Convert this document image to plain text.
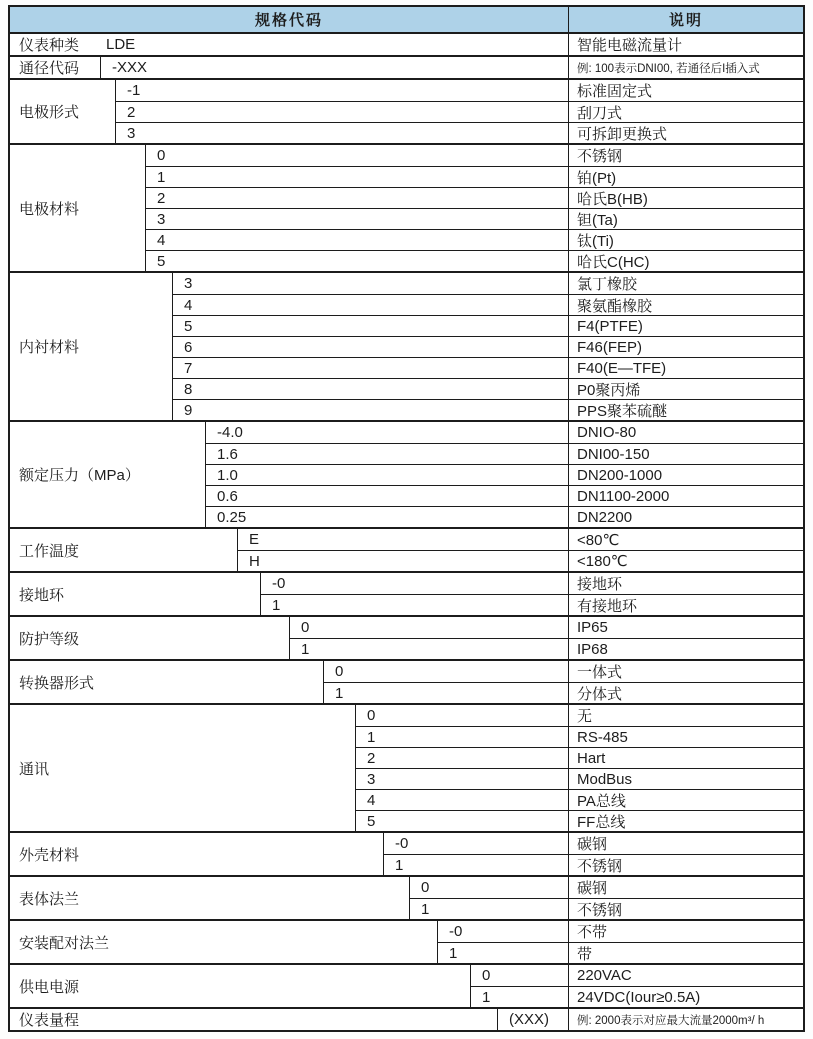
规格代码	说明
仪表种类	LDE	智能电磁流量计
通径代码	-XXX	例: 100表示DNI00, 若通径后I插入式
电极形式
-1	标准固定式
2	刮刀式
3	可拆卸更换式
电极材料
0	不锈钢
1	铂(Pt)
2	哈氏B(HB)
3	钽(Ta)
4	钛(Ti)
5	哈氏C(HC)
内衬材料
3	氯丁橡胶
4	聚氨酯橡胶
5	F4(PTFE)
6	F46(FEP)
7	F40(E—TFE)
8	P0聚丙烯
9	PPS聚苯硫醚
额定压力（MPa）
-4.0	DNIO-80
1.6	DNI00-150
1.0	DN200-1000
0.6	DN1100-2000
0.25	DN2200
工作温度
E	<80℃
H	<180℃
接地环
-0	接地环
1	有接地环
防护等级
0	IP65
1	IP68
转换器形式
0	一体式
1	分体式
通讯
0	无
1	RS-485
2	Hart
3	ModBus
4	PA总线
5	FF总线
外壳材料
-0	碳钢
1	不锈钢
表体法兰
0	碳钢
1	不锈钢
安装配对法兰
-0	不带
1	带
供电电源
0	220VAC
1	24VDC(Iour≥0.5A)
仪表量程	(XXX)	例: 2000表示对应最大流量2000m³/ h
